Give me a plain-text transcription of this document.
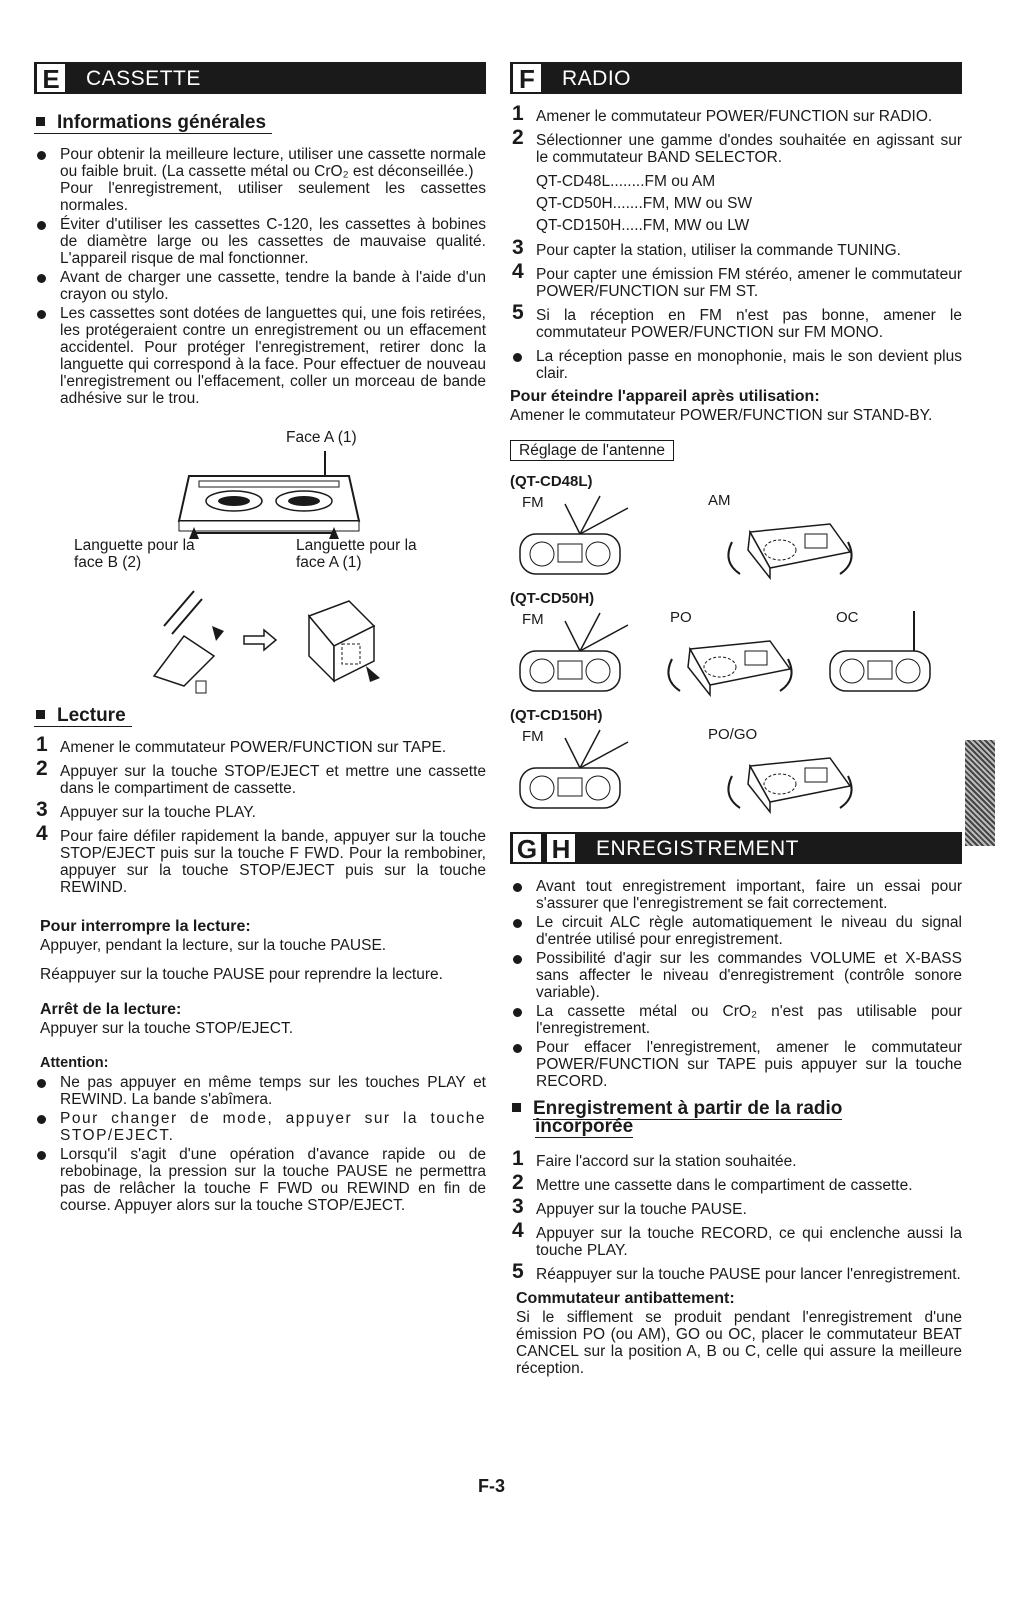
E	CASSETTE
Informations générales
Pour obtenir la meilleure lecture, utiliser une cassette normale ou faible bruit. (La cassette métal ou CrO₂ est déconseillée.)
Pour l'enregistrement, utiliser seulement les cassettes normales.
Éviter d'utiliser les cassettes C-120, les cassettes à bobines de diamètre large ou les cassettes de mauvaise qualité. L'appareil risque de mal fonctionner.
Avant de charger une cassette, tendre la bande à l'aide d'un crayon ou stylo.
Les cassettes sont dotées de languettes qui, une fois retirées, les protégeraient contre un enregistrement ou un effacement accidentel. Pour protéger l'enregistrement, retirer donc la languette qui correspond à la face. Pour effectuer de nouveau l'enregistrement ou l'effacement, coller un morceau de bande adhésive sur le trou.
Face A (1)
Languette pour la face B (2)
Languette pour la face A (1)
Lecture
1 Amener le commutateur POWER/FUNCTION sur TAPE.
2 Appuyer sur la touche STOP/EJECT et mettre une cassette dans le compartiment de cassette.
3 Appuyer sur la touche PLAY.
4 Pour faire défiler rapidement la bande, appuyer sur la touche STOP/EJECT puis sur la touche F FWD. Pour la rembobiner, appuyer sur la touche STOP/EJECT puis sur la touche REWIND.
Pour interrompre la lecture:

Appuyer, pendant la lecture, sur la touche PAUSE.

Réappuyer sur la touche PAUSE pour reprendre la lecture.

Arrêt de la lecture:

Appuyer sur la touche STOP/EJECT.

Attention:
Ne pas appuyer en même temps sur les touches PLAY et REWIND. La bande s'abîmera.
Pour changer de mode, appuyer sur la touche STOP/EJECT.
Lorsqu'il s'agit d'une opération d'avance rapide ou de rebobinage, la pression sur la touche PAUSE ne permettra pas de relâcher la touche F FWD ou REWIND en fin de course. Appuyer alors sur la touche STOP/EJECT.
F	RADIO
1 Amener le commutateur POWER/FUNCTION sur RADIO.
2 Sélectionner une gamme d'ondes souhaitée en agissant sur le commutateur BAND SELECTOR.

QT-CD48L........FM ou AM

QT-CD50H.......FM, MW ou SW

QT-CD150H.....FM, MW ou LW

3 Pour capter la station, utiliser la commande TUNING.
4 Pour capter une émission FM stéréo, amener le commutateur POWER/FUNCTION sur FM ST.
5 Si la réception en FM n'est pas bonne, amener le commutateur POWER/FUNCTION sur FM MONO.
La réception passe en monophonie, mais le son devient plus clair.
Pour éteindre l'appareil après utilisation:

Amener le commutateur POWER/FUNCTION sur STAND-BY.

Réglage de l'antenne
(QT-CD48L)
FM	AM
(QT-CD50H)
FM	PO	OC
(QT-CD150H)
FM	PO/GO
G H	ENREGISTREMENT
Avant tout enregistrement important, faire un essai pour s'assurer que l'enregistrement se fait correctement.
Le circuit ALC règle automatiquement le niveau du signal d'entrée utilisé pour enregistrement.
Possibilité d'agir sur les commandes VOLUME et X-BASS sans affecter le niveau d'enregistrement (contrôle sonore variable).
La cassette métal ou CrO₂ n'est pas utilisable pour l'enregistrement.
Pour effacer l'enregistrement, amener le commutateur POWER/FUNCTION sur TAPE puis appuyer sur la touche RECORD.
Enregistrement à partir de la radio
incorporée
1 Faire l'accord sur la station souhaitée.
2 Mettre une cassette dans le compartiment de cassette.
3 Appuyer sur la touche PAUSE.
4 Appuyer sur la touche RECORD, ce qui enclenche aussi la touche PLAY.
5 Réappuyer sur la touche PAUSE pour lancer l'enregistrement.
Commutateur antibattement:

Si le sifflement se produit pendant l'enregistrement d'une émission PO (ou AM), GO ou OC, placer le commutateur BEAT CANCEL sur la position A, B ou C, celle qui assure la meilleure réception.

F-3
